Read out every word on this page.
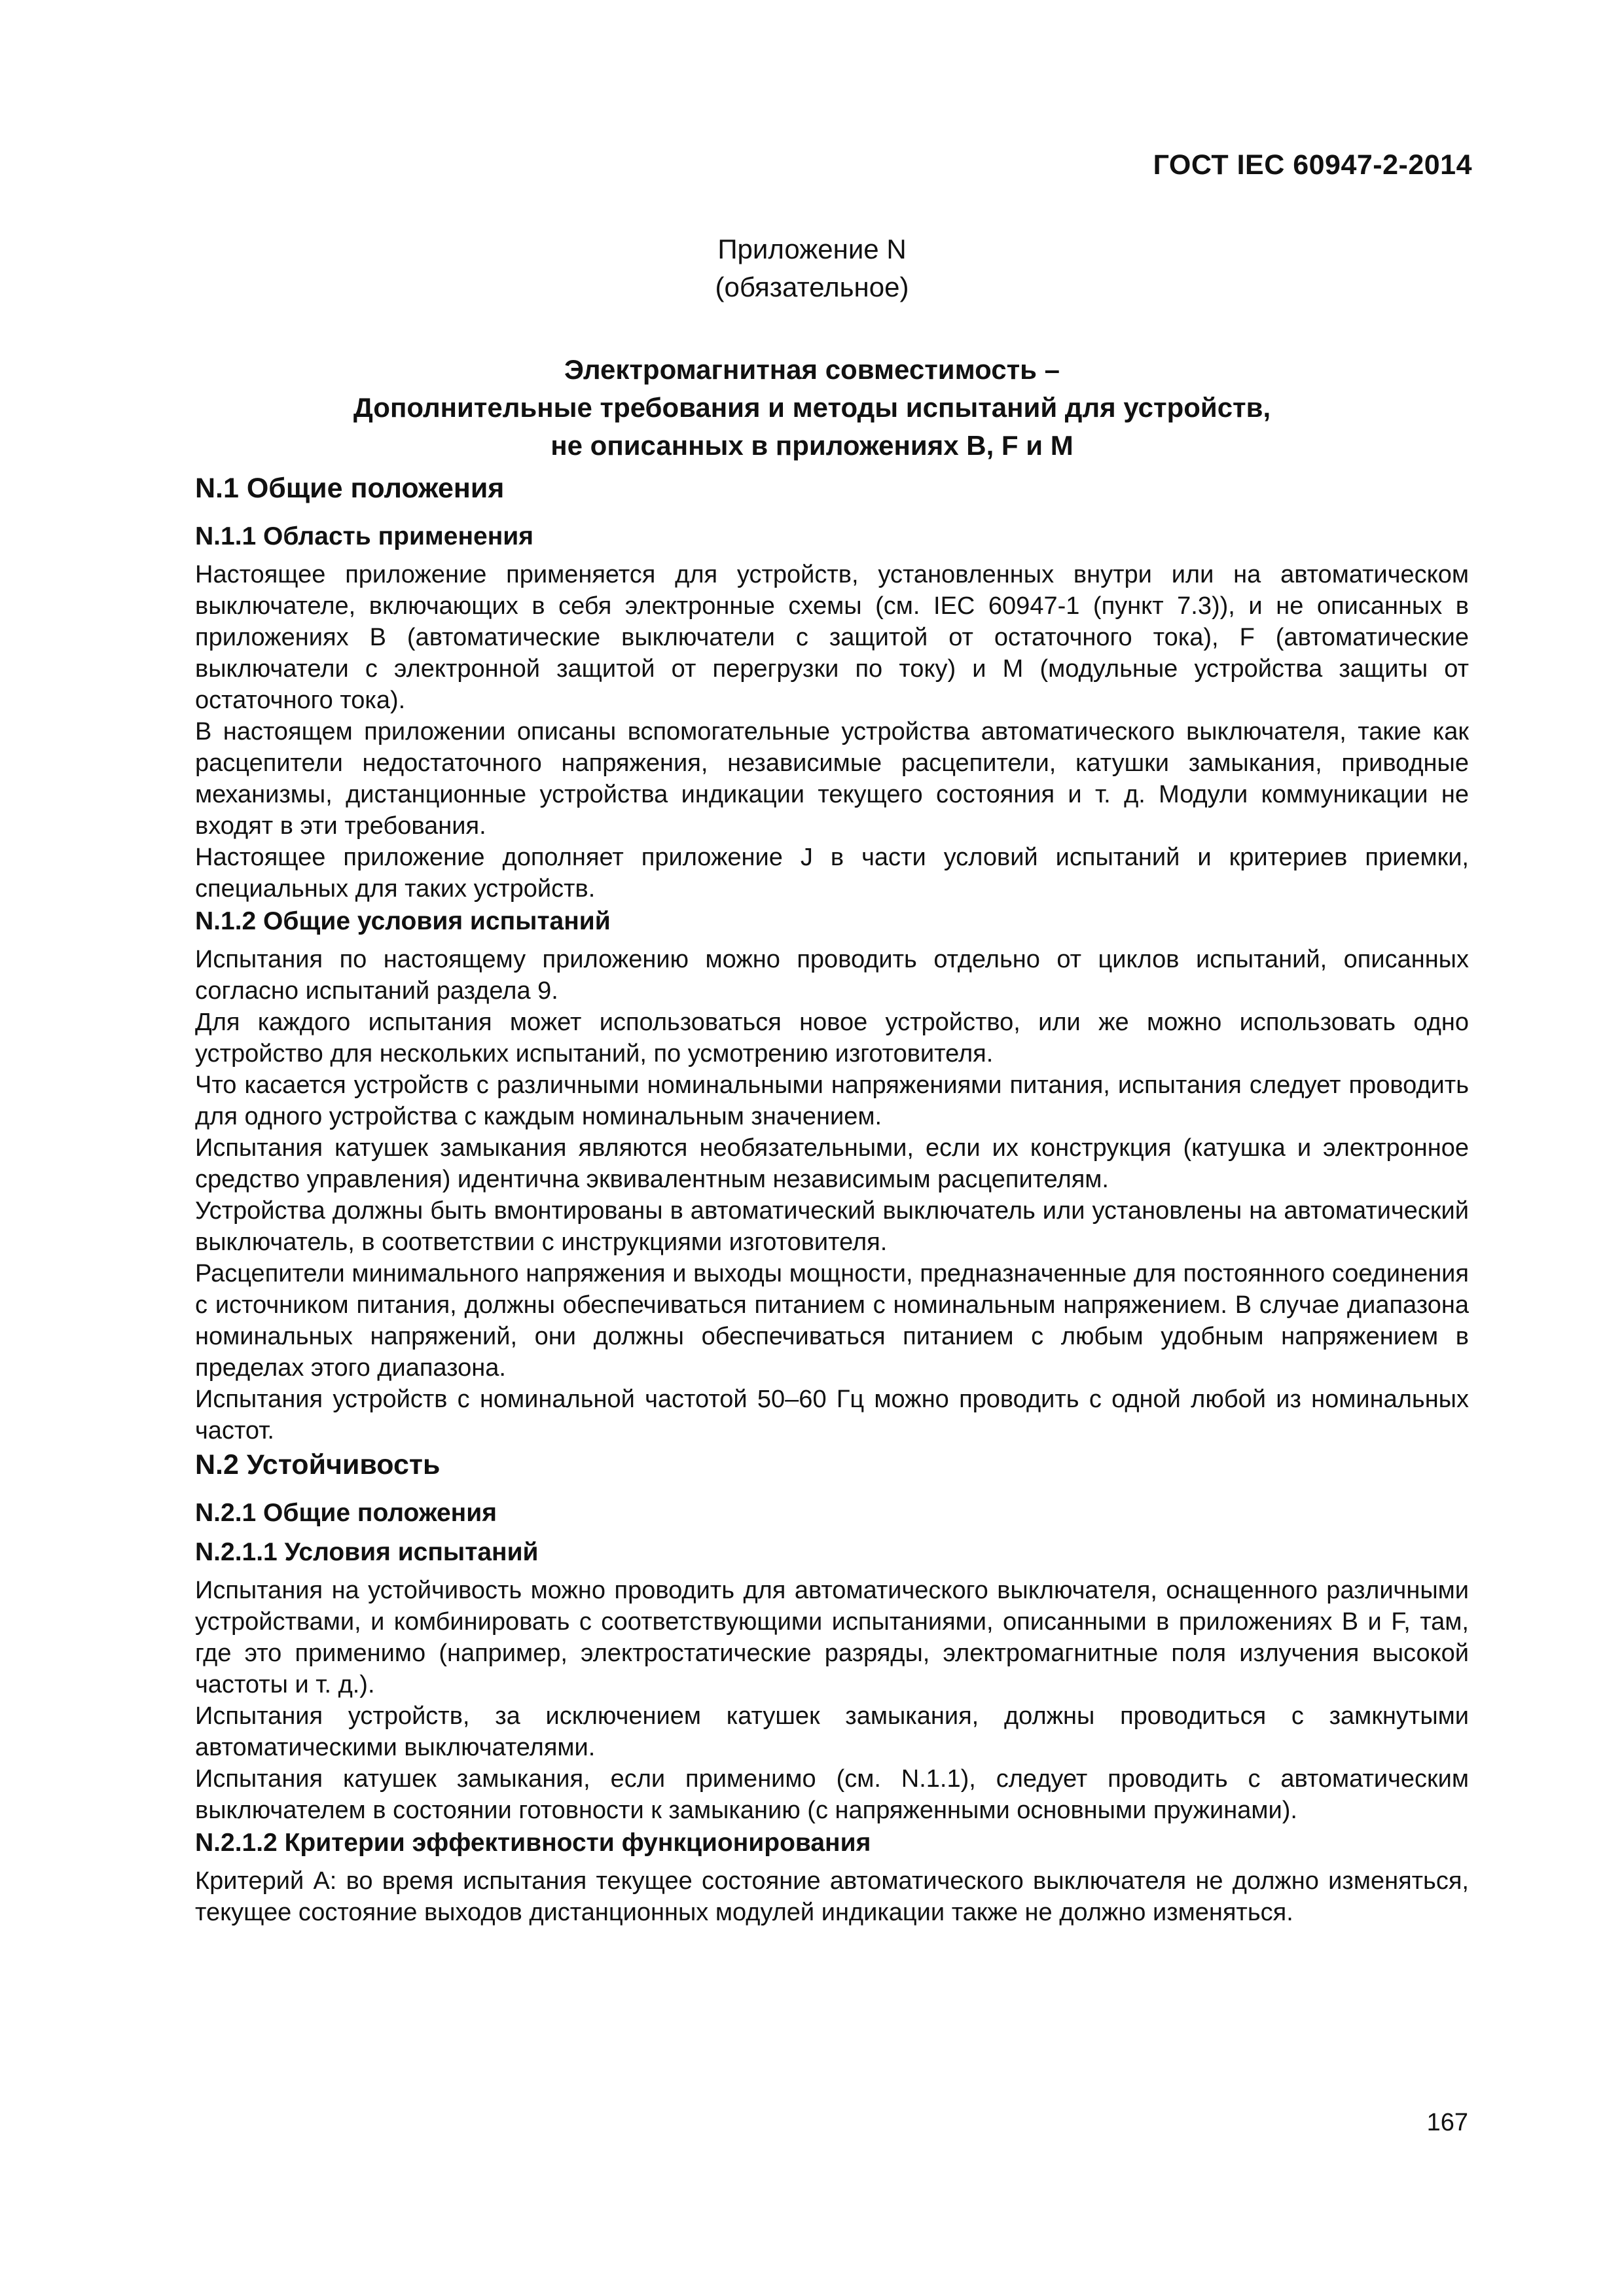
ГОСТ IEC 60947-2-2014
Приложение N
(обязательное)
Электромагнитная совместимость –
Дополнительные требования и методы испытаний для устройств,
не описанных в приложениях B, F и M
N.1 Общие положения
N.1.1 Область применения

Настоящее приложение применяется для устройств, установленных внутри или на автоматическом выключателе, включающих в себя электронные схемы (см. IEC 60947-1 (пункт 7.3)), и не описанных в приложениях B (автоматические выключатели с защитой от остаточного тока), F (автоматические выключатели с электронной защитой от перегрузки по току) и M (модульные устройства защиты от остаточного тока).

В настоящем приложении описаны вспомогательные устройства автоматического выключателя, такие как расцепители недостаточного напряжения, независимые расцепители, катушки замыкания, приводные механизмы, дистанционные устройства индикации текущего состояния и т. д. Модули коммуникации не входят в эти требования.

Настоящее приложение дополняет приложение J в части условий испытаний и критериев приемки, специальных для таких устройств.

N.1.2 Общие условия испытаний

Испытания по настоящему приложению можно проводить отдельно от циклов испытаний, описанных согласно испытаний раздела 9.

Для каждого испытания может использоваться новое устройство, или же можно использовать одно устройство для нескольких испытаний, по усмотрению изготовителя.

Что касается устройств с различными номинальными напряжениями питания, испытания следует проводить для одного устройства с каждым номинальным значением.

Испытания катушек замыкания являются необязательными, если их конструкция (катушка и электронное средство управления) идентична эквивалентным независимым расцепителям.

Устройства должны быть вмонтированы в автоматический выключатель или установлены на автоматический выключатель, в соответствии с инструкциями изготовителя.

Расцепители минимального напряжения и выходы мощности, предназначенные для постоянного соединения с источником питания, должны обеспечиваться питанием с номинальным напряжением. В случае диапазона номинальных напряжений, они должны обеспечиваться питанием с любым удобным напряжением в пределах этого диапазона.

Испытания устройств с номинальной частотой 50–60 Гц можно проводить с одной любой из номинальных частот.

N.2 Устойчивость
N.2.1 Общие положения
N.2.1.1 Условия испытаний

Испытания на устойчивость можно проводить для автоматического выключателя, оснащенного различными устройствами, и комбинировать с соответствующими испытаниями, описанными в приложениях B и F, там, где это применимо (например, электростатические разряды, электромагнитные поля излучения высокой частоты и т. д.).

Испытания устройств, за исключением катушек замыкания, должны проводиться с замкнутыми автоматическими выключателями.

Испытания катушек замыкания, если применимо (см. N.1.1), следует проводить с автоматическим выключателем в состоянии готовности к замыканию (с напряженными основными пружинами).

N.2.1.2 Критерии эффективности функционирования

Критерий A: во время испытания текущее состояние автоматического выключателя не должно изменяться, текущее состояние выходов дистанционных модулей индикации также не должно изменяться.

167
